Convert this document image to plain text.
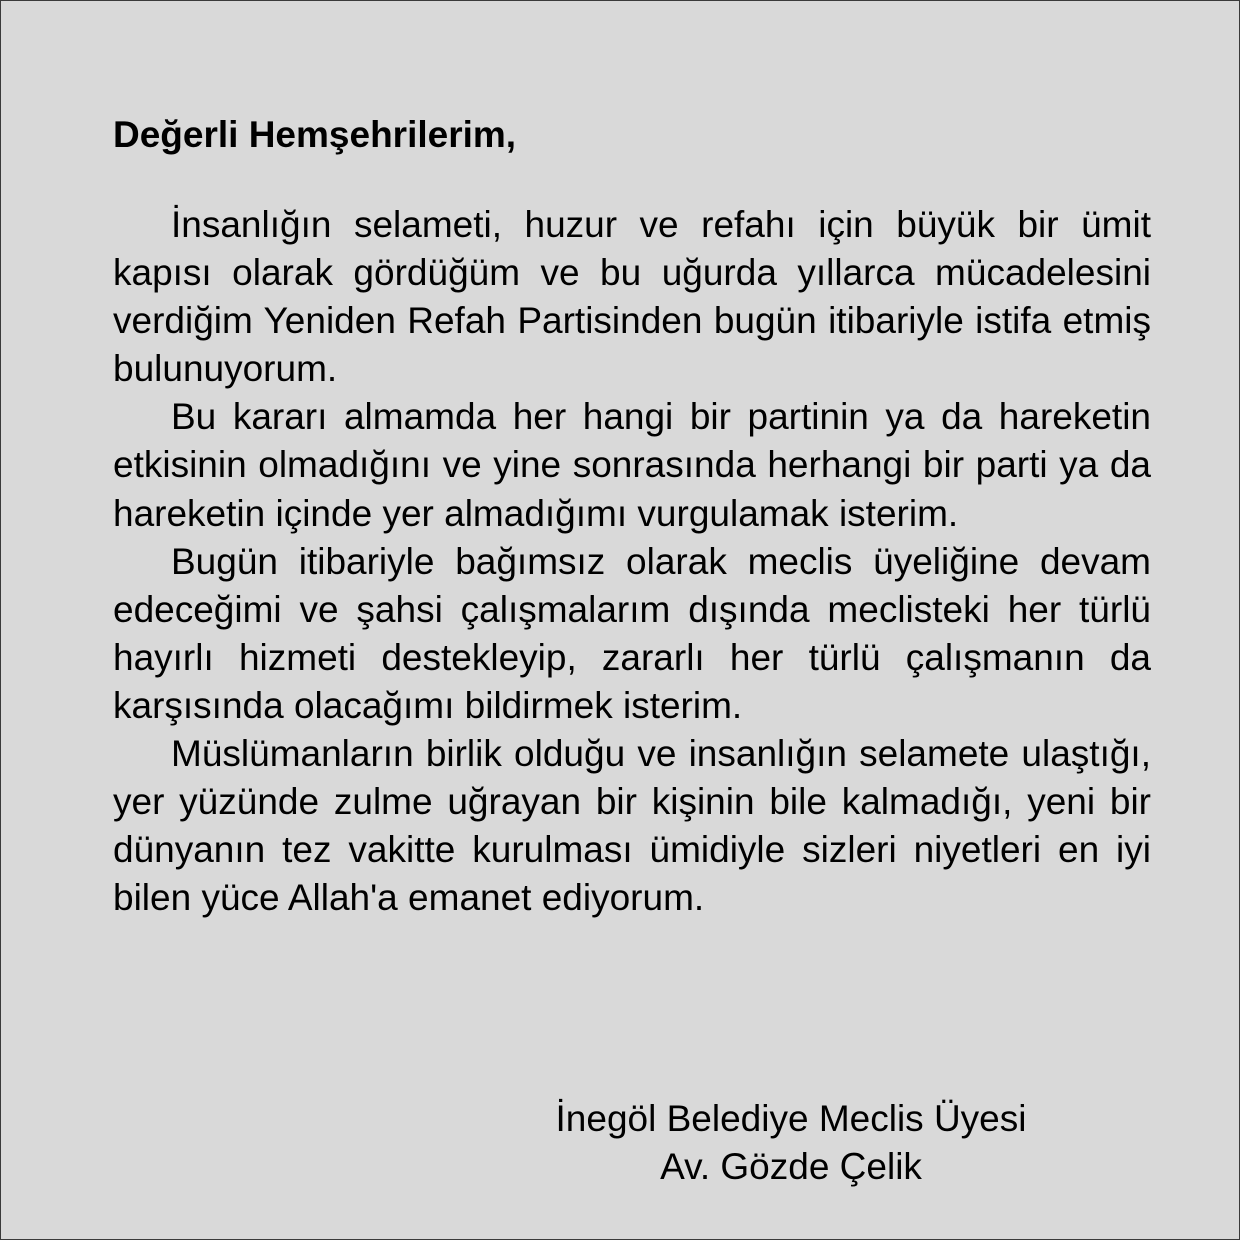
Değerli Hemşehrilerim,

İnsanlığın selameti, huzur ve refahı için büyük bir ümit kapısı olarak gördüğüm ve bu uğurda yıllarca mücadelesini verdiğim Yeniden Refah Partisinden bugün itibariyle istifa etmiş bulunuyorum.

Bu kararı almamda her hangi bir partinin ya da hareketin etkisinin olmadığını ve yine sonrasında herhangi bir parti ya da hareketin içinde yer almadığımı vurgulamak isterim.

Bugün itibariyle bağımsız olarak meclis üyeliğine devam edeceğimi ve şahsi çalışmalarım dışında meclisteki her türlü hayırlı hizmeti destekleyip, zararlı her türlü çalışmanın da karşısında olacağımı bildirmek isterim.

Müslümanların birlik olduğu ve insanlığın selamete ulaştığı, yer yüzünde zulme uğrayan bir kişinin bile kalmadığı, yeni bir dünyanın tez vakitte kurulması ümidiyle sizleri niyetleri en iyi bilen yüce Allah'a emanet ediyorum.

İnegöl Belediye Meclis Üyesi
Av. Gözde Çelik
